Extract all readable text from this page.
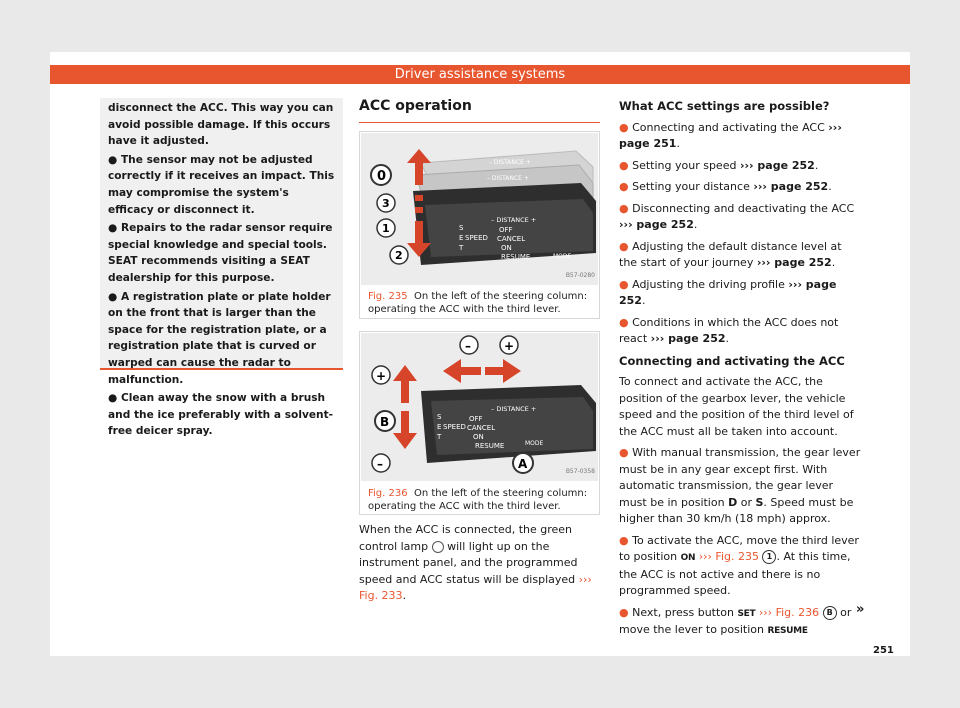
Driver assistance systems

disconnect the ACC. This way you can avoid possible damage. If this occurs have it adjusted.

● The sensor may not be adjusted correctly if it receives an impact. This may compromise the system's efficacy or disconnect it.

● Repairs to the radar sensor require special knowledge and special tools. SEAT recommends visiting a SEAT dealership for this purpose.

● A registration plate or plate holder on the front that is larger than the space for the registration plate, or a registration plate that is curved or warped can cause the radar to malfunction.

● Clean away the snow with a brush and the ice preferably with a solvent-free deicer spray.

ACC operation
– DISTANCE +
– DISTANCE +
– DISTANCE +
S
E
T
SPEED
OFF
CANCEL
ON
RESUME	MODE
0
3
1
2
B57-0280
Fig. 235 On the left of the steering column: operating the ACC with the third lever.
– DISTANCE +
S
E
T
SPEED
OFF
CANCEL
ON
RESUME	MODE
–	+
+
B
–	A
B57-0358
Fig. 236 On the left of the steering column: operating the ACC with the third lever.
When the ACC is connected, the green control lamp will light up on the instrument panel, and the programmed speed and ACC status will be displayed ››› Fig. 233.

What ACC settings are possible?

● Connecting and activating the ACC ››› page 251.

● Setting your speed ››› page 252.

● Setting your distance ››› page 252.

● Disconnecting and deactivating the ACC ››› page 252.

● Adjusting the default distance level at the start of your journey ››› page 252.

● Adjusting the driving profile ››› page 252.

● Conditions in which the ACC does not react ››› page 252.

Connecting and activating the ACC

To connect and activate the ACC, the position of the gearbox lever, the vehicle speed and the position of the third level of the ACC must all be taken into account.

● With manual transmission, the gear lever must be in any gear except first. With automatic transmission, the gear lever must be in position D or S. Speed must be higher than 30 km/h (18 mph) approx.

● To activate the ACC, move the third lever to position ON ››› Fig. 235 1 . At this time, the ACC is not active and there is no programmed speed.

● Next, press button SET ››› Fig. 236 B or move the lever to position RESUME

»
251
